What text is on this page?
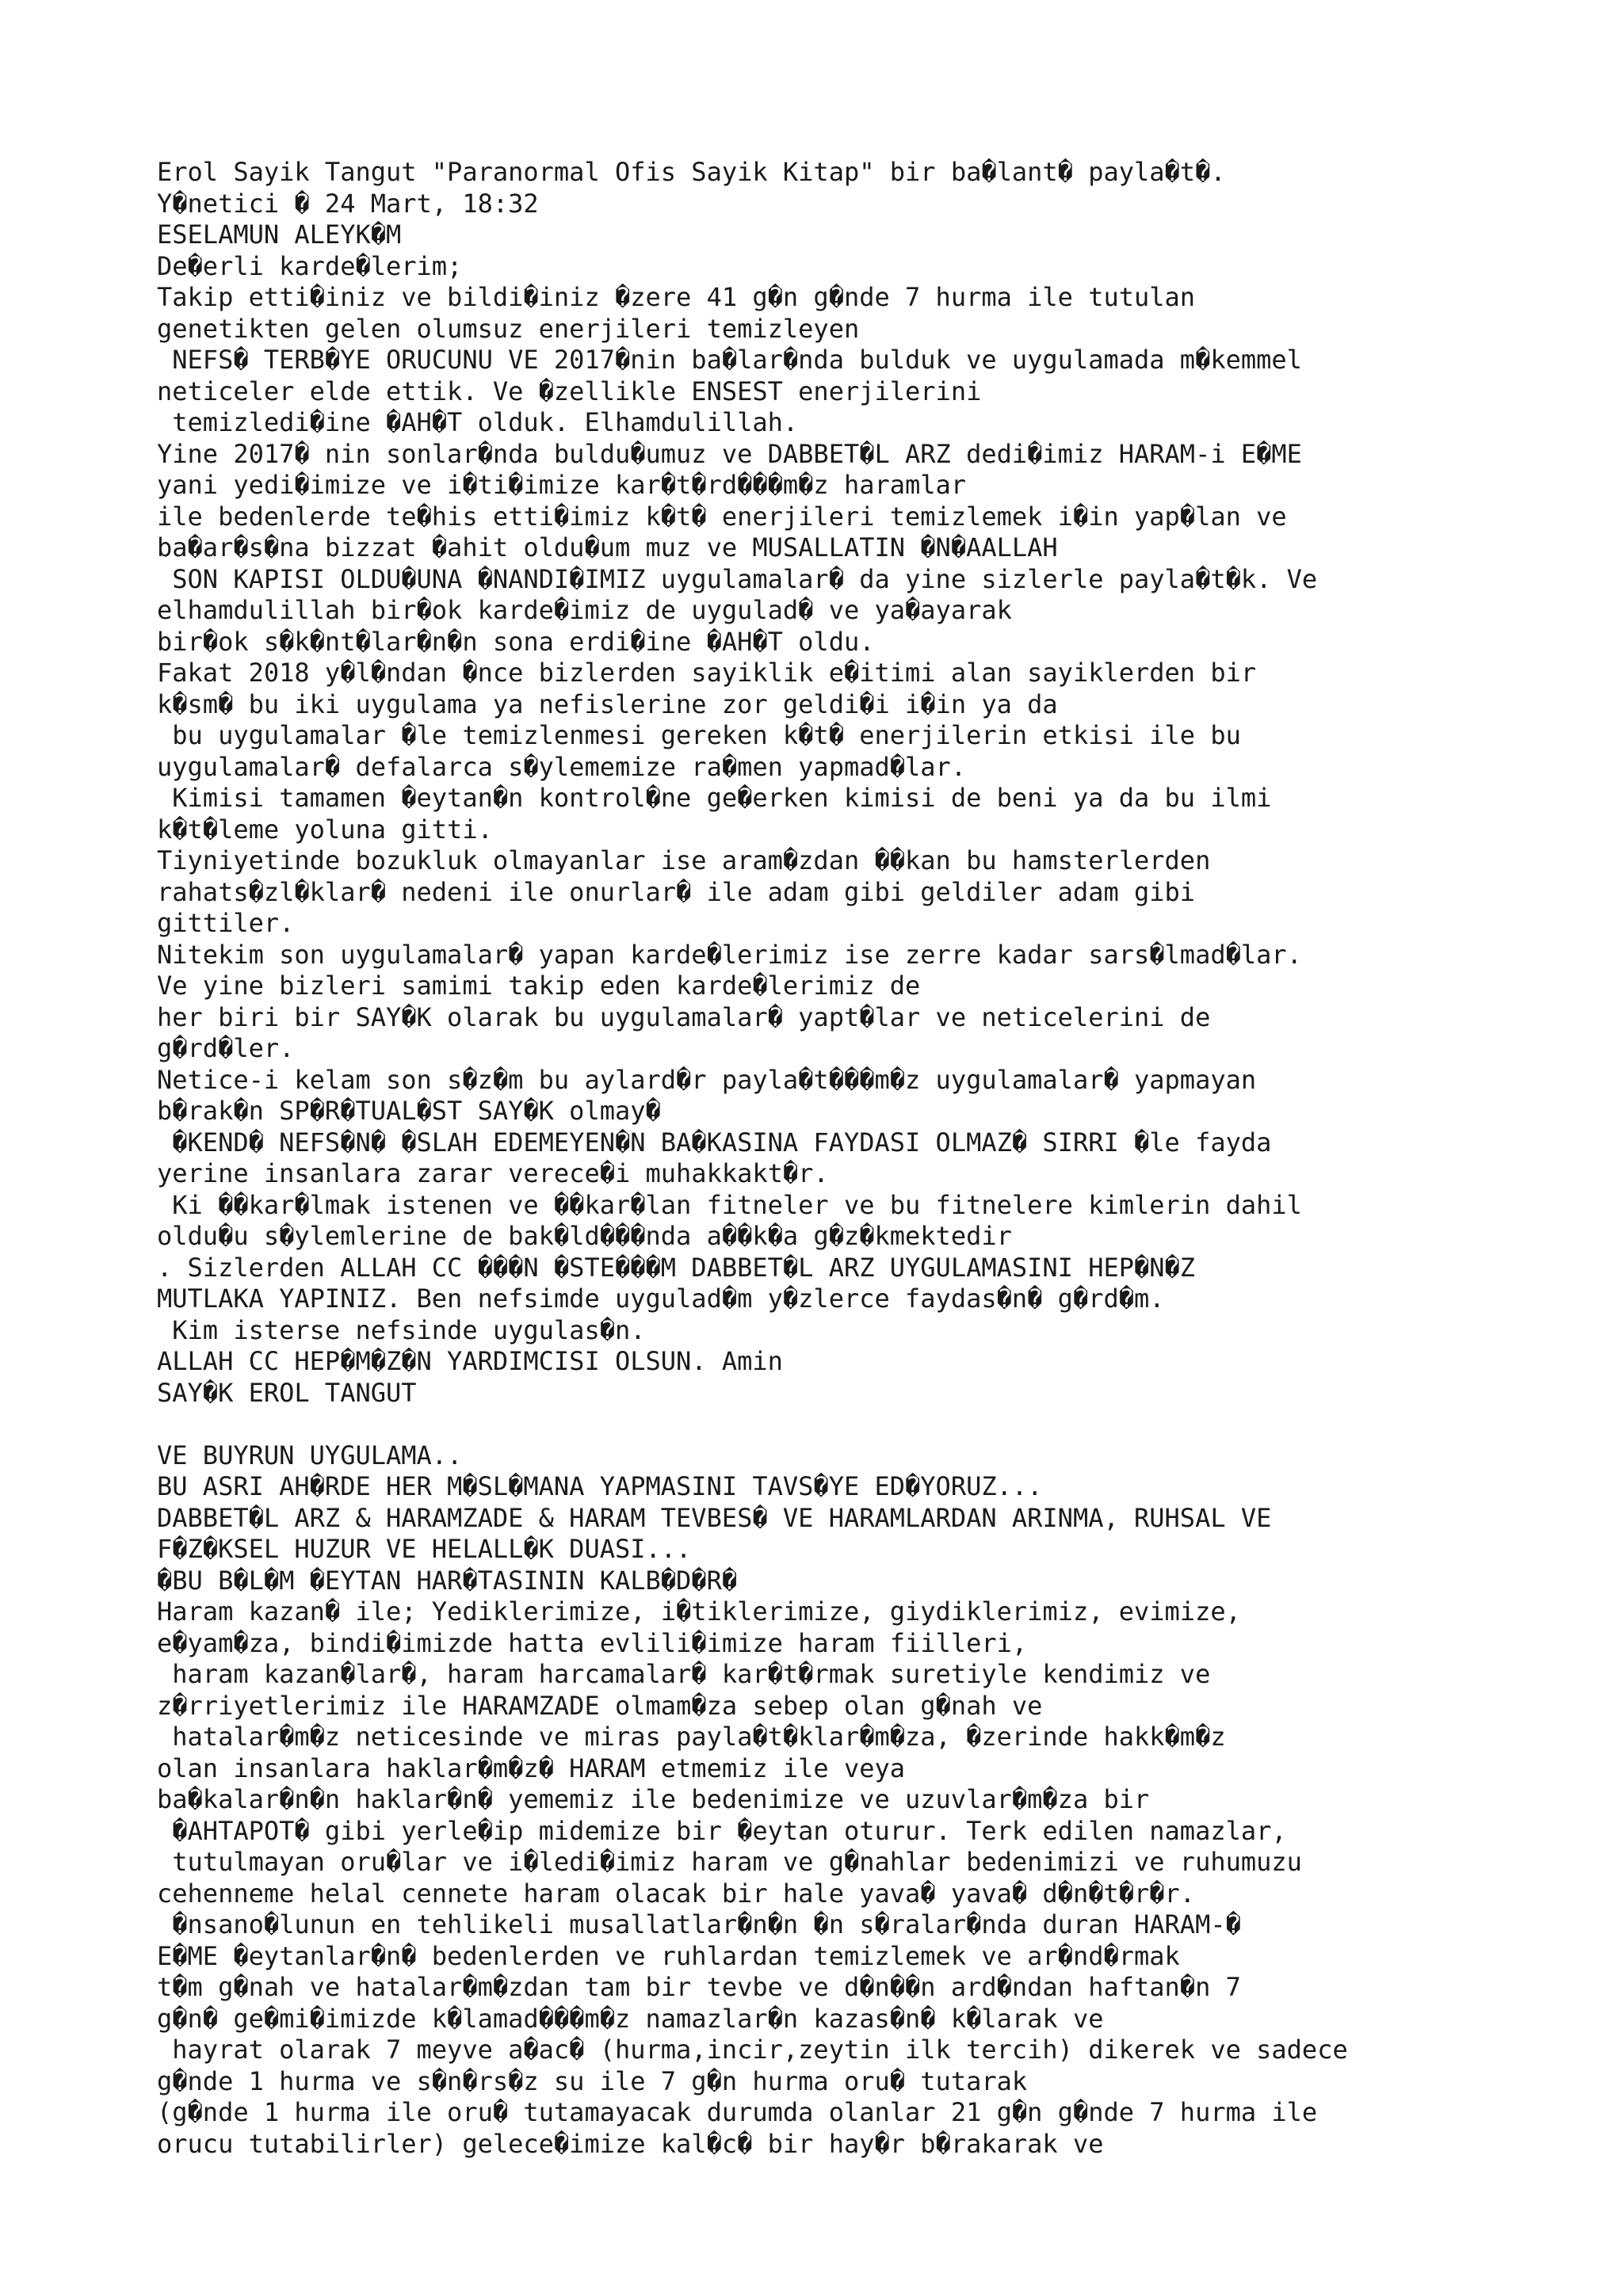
Erol Sayik Tangut "Paranormal Ofis Sayik Kitap" bir ba�lant� payla�t�.
Y�netici � 24 Mart, 18:32
ESELAMUN ALEYK�M
De�erli karde�lerim;
Takip etti�iniz ve bildi�iniz �zere 41 g�n g�nde 7 hurma ile tutulan
genetikten gelen olumsuz enerjileri temizleyen
NEFS� TERB�YE ORUCUNU VE 2017�nin ba�lar�nda bulduk ve uygulamada m�kemmel
neticeler elde ettik. Ve �zellikle ENSEST enerjilerini
temizledi�ine �AH�T olduk. Elhamdulillah.
Yine 2017� nin sonlar�nda buldu�umuz ve DABBET�L ARZ dedi�imiz HARAM-i E�ME
yani yedi�imize ve i�ti�imize kar�t�rd���m�z haramlar
ile bedenlerde te�his etti�imiz k�t� enerjileri temizlemek i�in yap�lan ve
ba�ar�s�na bizzat �ahit oldu�um muz ve MUSALLATIN �N�AALLAH
SON KAPISI OLDU�UNA �NANDI�IMIZ uygulamalar� da yine sizlerle payla�t�k. Ve
elhamdulillah bir�ok karde�imiz de uygulad� ve ya�ayarak
bir�ok s�k�nt�lar�n�n sona erdi�ine �AH�T oldu.
Fakat 2018 y�l�ndan �nce bizlerden sayiklik e�itimi alan sayiklerden bir
k�sm� bu iki uygulama ya nefislerine zor geldi�i i�in ya da
bu uygulamalar �le temizlenmesi gereken k�t� enerjilerin etkisi ile bu
uygulamalar� defalarca s�ylememize ra�men yapmad�lar.
Kimisi tamamen �eytan�n kontrol�ne ge�erken kimisi de beni ya da bu ilmi
k�t�leme yoluna gitti.
Tiyniyetinde bozukluk olmayanlar ise aram�zdan ��kan bu hamsterlerden
rahats�zl�klar� nedeni ile onurlar� ile adam gibi geldiler adam gibi
gittiler.
Nitekim son uygulamalar� yapan karde�lerimiz ise zerre kadar sars�lmad�lar.
Ve yine bizleri samimi takip eden karde�lerimiz de
her biri bir SAY�K olarak bu uygulamalar� yapt�lar ve neticelerini de
g�rd�ler.
Netice-i kelam son s�z�m bu aylard�r payla�t���m�z uygulamalar� yapmayan
b�rak�n SP�R�TUAL�ST SAY�K olmay�
�KEND� NEFS�N� �SLAH EDEMEYEN�N BA�KASINA FAYDASI OLMAZ� SIRRI �le fayda
yerine insanlara zarar verece�i muhakkakt�r.
Ki ��kar�lmak istenen ve ��kar�lan fitneler ve bu fitnelere kimlerin dahil
oldu�u s�ylemlerine de bak�ld���nda a��k�a g�z�kmektedir
. Sizlerden ALLAH CC ���N �STE���M DABBET�L ARZ UYGULAMASINI HEP�N�Z
MUTLAKA YAPINIZ. Ben nefsimde uygulad�m y�zlerce faydas�n� g�rd�m.
Kim isterse nefsinde uygulas�n.
ALLAH CC HEP�M�Z�N YARDIMCISI OLSUN. Amin
SAY�K EROL TANGUT
VE BUYRUN UYGULAMA..
BU ASRI AH�RDE HER M�SL�MANA YAPMASINI TAVS�YE ED�YORUZ...
DABBET�L ARZ & HARAMZADE & HARAM TEVBES� VE HARAMLARDAN ARINMA, RUHSAL VE
F�Z�KSEL HUZUR VE HELALL�K DUASI...
�BU B�L�M �EYTAN HAR�TASININ KALB�D�R�
Haram kazan� ile; Yediklerimize, i�tiklerimize, giydiklerimiz, evimize,
e�yam�za, bindi�imizde hatta evlili�imize haram fiilleri,
haram kazan�lar�, haram harcamalar� kar�t�rmak suretiyle kendimiz ve
z�rriyetlerimiz ile HARAMZADE olmam�za sebep olan g�nah ve
hatalar�m�z neticesinde ve miras payla�t�klar�m�za, �zerinde hakk�m�z
olan insanlara haklar�m�z� HARAM etmemiz ile veya
ba�kalar�n�n haklar�n� yememiz ile bedenimize ve uzuvlar�m�za bir
�AHTAPOT� gibi yerle�ip midemize bir �eytan oturur. Terk edilen namazlar,
tutulmayan oru�lar ve i�ledi�imiz haram ve g�nahlar bedenimizi ve ruhumuzu
cehenneme helal cennete haram olacak bir hale yava� yava� d�n�t�r�r.
�nsano�lunun en tehlikeli musallatlar�n�n �n s�ralar�nda duran HARAM-�
E�ME �eytanlar�n� bedenlerden ve ruhlardan temizlemek ve ar�nd�rmak
t�m g�nah ve hatalar�m�zdan tam bir tevbe ve d�n��n ard�ndan haftan�n 7
g�n� ge�mi�imizde k�lamad���m�z namazlar�n kazas�n� k�larak ve
hayrat olarak 7 meyve a�ac� (hurma,incir,zeytin ilk tercih) dikerek ve sadece
g�nde 1 hurma ve s�n�rs�z su ile 7 g�n hurma oru� tutarak
(g�nde 1 hurma ile oru� tutamayacak durumda olanlar 21 g�n g�nde 7 hurma ile
orucu tutabilirler) gelece�imize kal�c� bir hay�r b�rakarak ve
